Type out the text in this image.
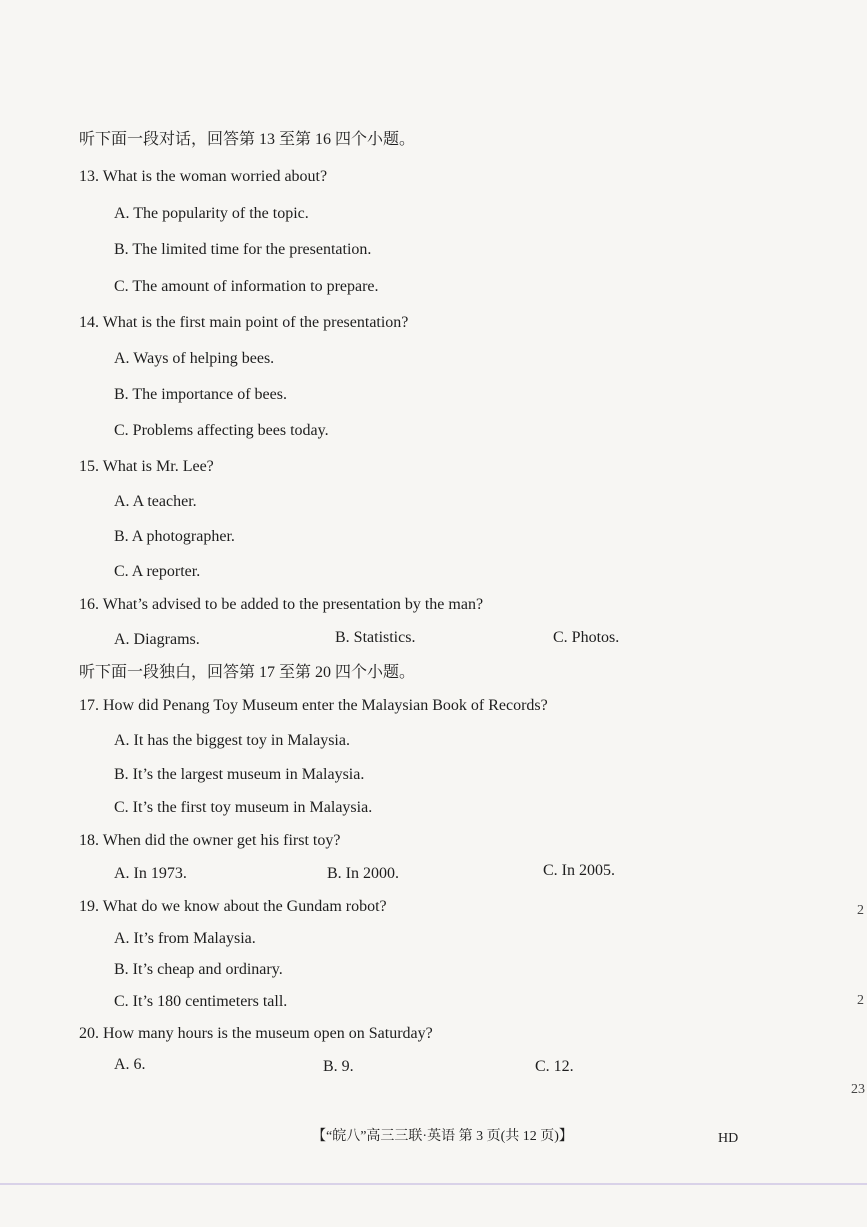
听下面一段对话，回答第 13 至第 16 四个小题。
13. What is the woman worried about?
A. The popularity of the topic.
B. The limited time for the presentation.
C. The amount of information to prepare.
14. What is the first main point of the presentation?
A. Ways of helping bees.
B. The importance of bees.
C. Problems affecting bees today.
15. What is Mr. Lee?
A. A teacher.
B. A photographer.
C. A reporter.
16. What’s advised to be added to the presentation by the man?
A. Diagrams.	B. Statistics.	C. Photos.
听下面一段独白，回答第 17 至第 20 四个小题。
17. How did Penang Toy Museum enter the Malaysian Book of Records?
A. It has the biggest toy in Malaysia.
B. It’s the largest museum in Malaysia.
C. It’s the first toy museum in Malaysia.
18. When did the owner get his first toy?
A. In 1973.	B. In 2000.	C. In 2005.
19. What do we know about the Gundam robot?
A. It’s from Malaysia.
B. It’s cheap and ordinary.
C. It’s 180 centimeters tall.
20. How many hours is the museum open on Saturday?
A. 6.	B. 9.	C. 12.
2
2
23
【“皖八”高三三联·英语 第 3 页(共 12 页)】	HD
